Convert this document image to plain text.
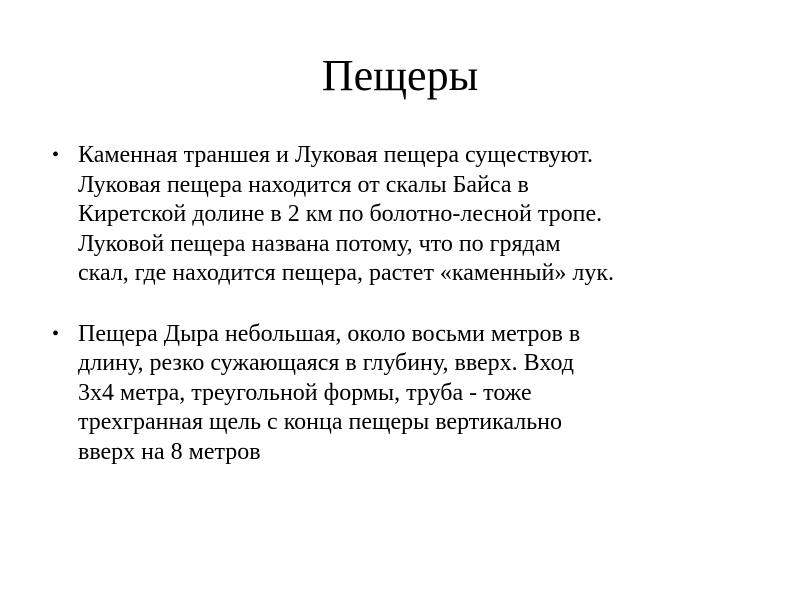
Пещеры
• Каменная траншея и Луковая пещера существуют.
Луковая пещера находится от скалы Байса в
Киретской долине в 2 км по болотно-лесной тропе.
Луковой пещера названа потому, что по грядам
скал, где находится пещера, растет «каменный» лук.
• Пещера Дыра небольшая, около восьми метров в
длину, резко сужающаяся в глубину, вверх. Вход
3х4 метра, треугольной формы, труба - тоже
трехгранная щель с конца пещеры вертикально
вверх на 8 метров
